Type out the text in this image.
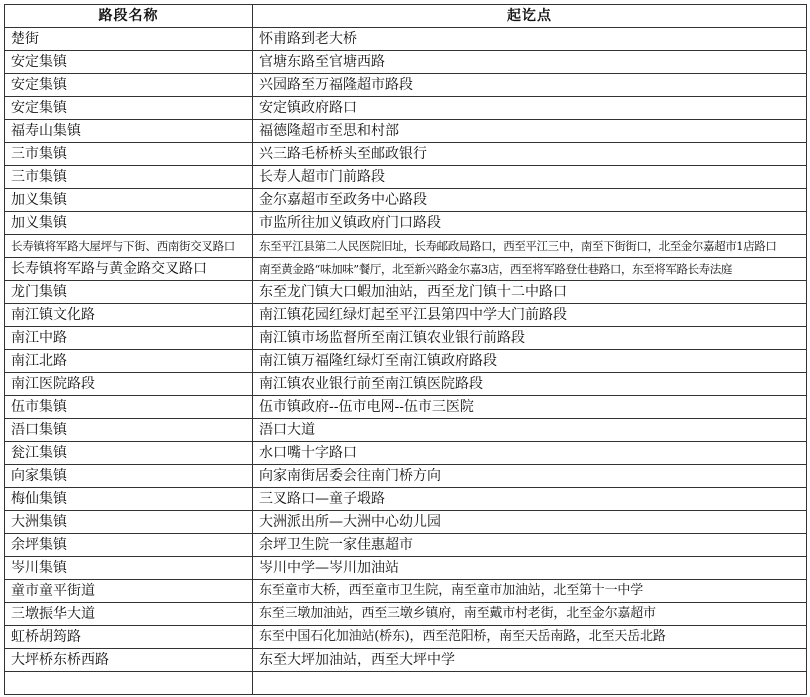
路段名称	起讫点
楚街	怀甫路到老大桥
安定集镇	官塘东路至官塘西路
安定集镇	兴园路至万福隆超市路段
安定集镇	安定镇政府路口
福寿山集镇	福德隆超市至思和村部
三市集镇	兴三路毛桥桥头至邮政银行
三市集镇	长寿人超市门前路段
加义集镇	金尔嘉超市至政务中心路段
加义集镇	市监所往加义镇政府门口路段
长寿镇将军路大屋坪与下街、西南街交叉路口	东至平江县第二人民医院旧址，长寿邮政局路口，西至平江三中，南至下街街口，北至金尔嘉超市1店路口
长寿镇将军路与黄金路交叉路口	南至黄金路“味加味”餐厅，北至新兴路金尔嘉3店，西至将军路登仕巷路口，东至将军路长寿法庭
龙门集镇	东至龙门镇大口蝦加油站，西至龙门镇十二中路口
南江镇文化路	南江镇花园红绿灯起至平江县第四中学大门前路段
南江中路	南江镇市场监督所至南江镇农业银行前路段
南江北路	南江镇万福隆红绿灯至南江镇政府路段
南江医院路段	南江镇农业银行前至南江镇医院路段
伍市集镇	伍市镇政府--伍市电网--伍市三医院
浯口集镇	浯口大道
瓮江集镇	水口嘴十字路口
向家集镇	向家南街居委会往南门桥方向
梅仙集镇	三叉路口—童子塅路
大洲集镇	大洲派出所—大洲中心幼儿园
余坪集镇	余坪卫生院一家佳惠超市
岑川集镇	岑川中学—岑川加油站
童市童平街道	东至童市大桥，西至童市卫生院，南至童市加油站，北至第十一中学
三墩振华大道	东至三墩加油站，西至三墩乡镇府，南至戴市村老街，北至金尔嘉超市
虹桥胡筠路	东至中国石化加油站(桥东)，西至范阳桥，南至天岳南路，北至天岳北路
大坪桥东桥西路	东至大坪加油站，西至大坪中学
